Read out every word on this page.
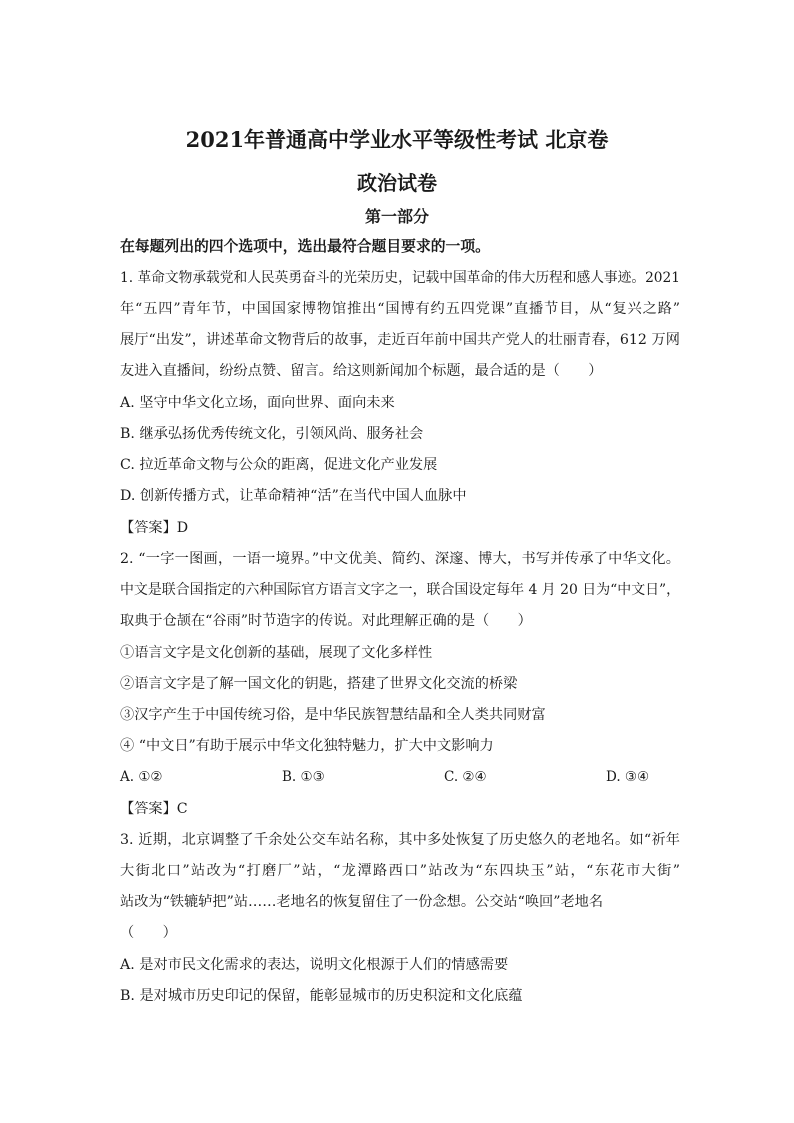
2021年普通高中学业水平等级性考试 北京卷
政治试卷
第一部分
在每题列出的四个选项中，选出最符合题目要求的一项。
1. 革命文物承载党和人民英勇奋斗的光荣历史，记载中国革命的伟大历程和感人事迹。2021
年“五四”青年节，中国国家博物馆推出“国博有约五四党课”直播节目，从“复兴之路”
展厅“出发”，讲述革命文物背后的故事，走近百年前中国共产党人的壮丽青春，612 万网
友进入直播间，纷纷点赞、留言。给这则新闻加个标题，最合适的是（　　）
A. 坚守中华文化立场，面向世界、面向未来
B. 继承弘扬优秀传统文化，引领风尚、服务社会
C. 拉近革命文物与公众的距离，促进文化产业发展
D. 创新传播方式，让革命精神“活”在当代中国人血脉中
【答案】D
2. “一字一图画，一语一境界。”中文优美、简约、深邃、博大，书写并传承了中华文化。
中文是联合国指定的六种国际官方语言文字之一，联合国设定每年 4 月 20 日为“中文日”，
取典于仓颉在“谷雨”时节造字的传说。对此理解正确的是（　　）
①语言文字是文化创新的基础，展现了文化多样性
②语言文字是了解一国文化的钥匙，搭建了世界文化交流的桥梁
③汉字产生于中国传统习俗，是中华民族智慧结晶和全人类共同财富
④ “中文日”有助于展示中华文化独特魅力，扩大中文影响力
A. ①②	B. ①③	C. ②④	D. ③④
【答案】C
3. 近期，北京调整了千余处公交车站名称，其中多处恢复了历史悠久的老地名。如“祈年
大街北口”站改为“打磨厂”站，“龙潭路西口”站改为“东四块玉”站，“东花市大街”
站改为“铁辘轳把”站……老地名的恢复留住了一份念想。公交站“唤回”老地名
（　　）
A. 是对市民文化需求的表达，说明文化根源于人们的情感需要
B. 是对城市历史印记的保留，能彰显城市的历史积淀和文化底蕴
